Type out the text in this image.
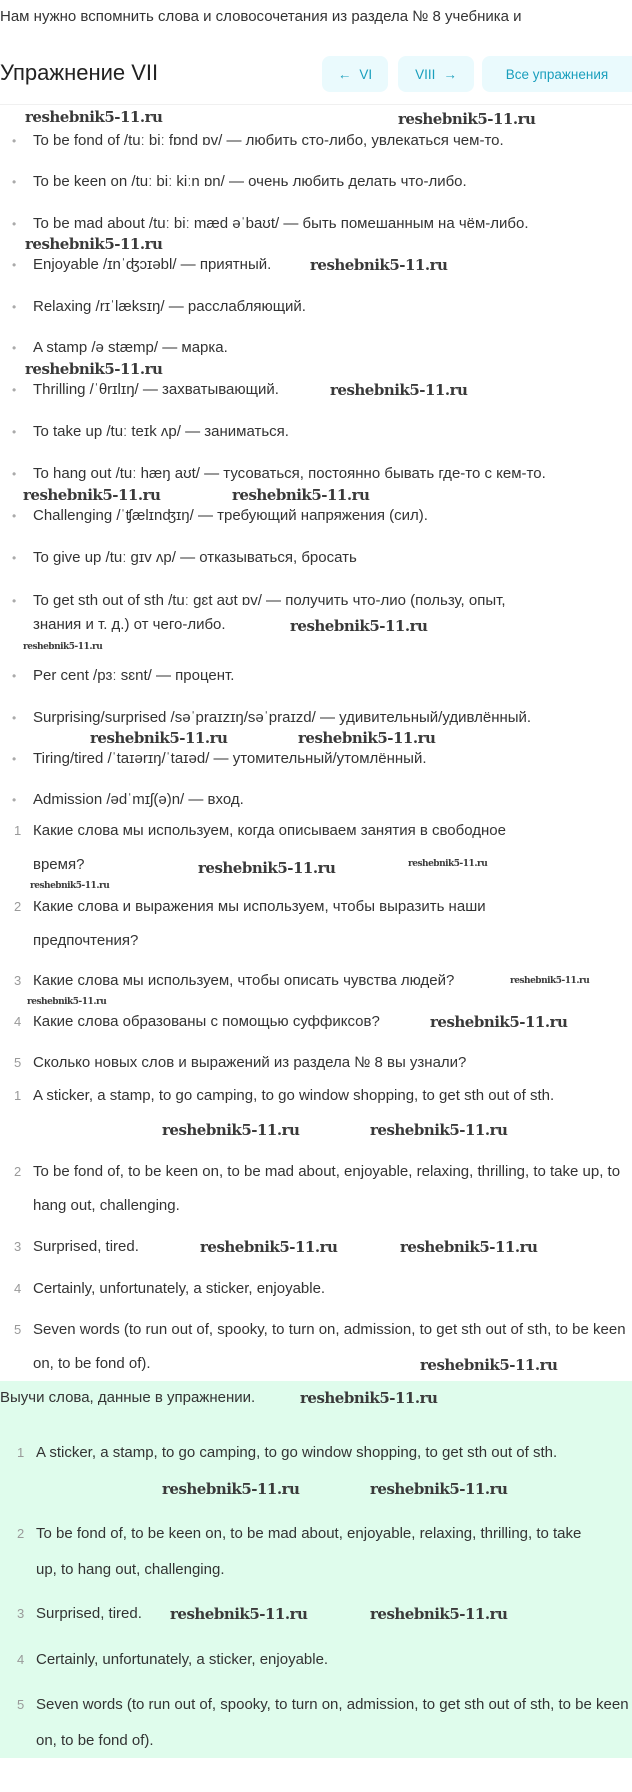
Нам нужно вспомнить слова и словосочетания из раздела № 8 учебника и
Упражнение VII	← VI	VIII →	Все упражнения
• To be fond of /tuː biː fɒnd ɒv/ — любить сто-либо, увлекаться чем-то.
• To be keen on /tuː biː kiːn ɒn/ — очень любить делать что-либо.
• To be mad about /tuː biː mæd əˈbaʊt/ — быть помешанным на чём-либо.
• Enjoyable /ɪnˈʤɔɪəbl/ — приятный.
• Relaxing /rɪˈlæksɪŋ/ — расслабляющий.
• A stamp /ə stæmp/ — марка.
• Thrilling /ˈθrɪlɪŋ/ — захватывающий.
• To take up /tuː teɪk ʌp/ — заниматься.
• To hang out /tuː hæŋ aʊt/ — тусоваться, постоянно бывать где-то с кем-то.
• Challenging /ˈʧælɪnʤɪŋ/ — требующий напряжения (сил).
• To give up /tuː gɪv ʌp/ — отказываться, бросать
• To get sth out of sth /tuː gɛt aʊt ɒv/ — получить что-лио (пользу, опыт, знания и т. д.) от чего-либо.
• Per cent /pɜː sɛnt/ — процент.
• Surprising/surprised /səˈpraɪzɪŋ/səˈpraɪzd/ — удивительный/удивлённый.
• Tiring/tired /ˈtaɪərɪŋ/ˈtaɪəd/ — утомительный/утомлённый.
• Admission /ədˈmɪʃ(ə)n/ — вход.
1 Какие слова мы используем, когда описываем занятия в свободное время?
2 Какие слова и выражения мы используем, чтобы выразить наши предпочтения?
3 Какие слова мы используем, чтобы описать чувства людей?
4 Какие слова образованы с помощью суффиксов?
5 Сколько новых слов и выражений из раздела № 8 вы узнали?
1 A sticker, a stamp, to go camping, to go window shopping, to get sth out of sth.
2 To be fond of, to be keen on, to be mad about, enjoyable, relaxing, thrilling, to take up, to hang out, challenging.
3 Surprised, tired.
4 Certainly, unfortunately, a sticker, enjoyable.
5 Seven words (to run out of, spooky, to turn on, admission, to get sth out of sth, to be keen on, to be fond of).
Выучи слова, данные в упражнении.
1 A sticker, a stamp, to go camping, to go window shopping, to get sth out of sth.
2 To be fond of, to be keen on, to be mad about, enjoyable, relaxing, thrilling, to take up, to hang out, challenging.
3 Surprised, tired.
4 Certainly, unfortunately, a sticker, enjoyable.
5 Seven words (to run out of, spooky, to turn on, admission, to get sth out of sth, to be keen on, to be fond of).
reshebnik5-11.ru	reshebnik5-11.ru
reshebnik5-11.ru
reshebnik5-11.ru
reshebnik5-11.ru
reshebnik5-11.ru
reshebnik5-11.ru	reshebnik5-11.ru
reshebnik5-11.ru
reshebnik5-11.ru
reshebnik5-11.ru	reshebnik5-11.ru
reshebnik5-11.ru
reshebnik5-11.ru
reshebnik5-11.ru
reshebnik5-11.ru
reshebnik5-11.ru
reshebnik5-11.ru
reshebnik5-11.ru	reshebnik5-11.ru
reshebnik5-11.ru	reshebnik5-11.ru
reshebnik5-11.ru
reshebnik5-11.ru
reshebnik5-11.ru
reshebnik5-11.ru
reshebnik5-11.ru
reshebnik5-11.ru
